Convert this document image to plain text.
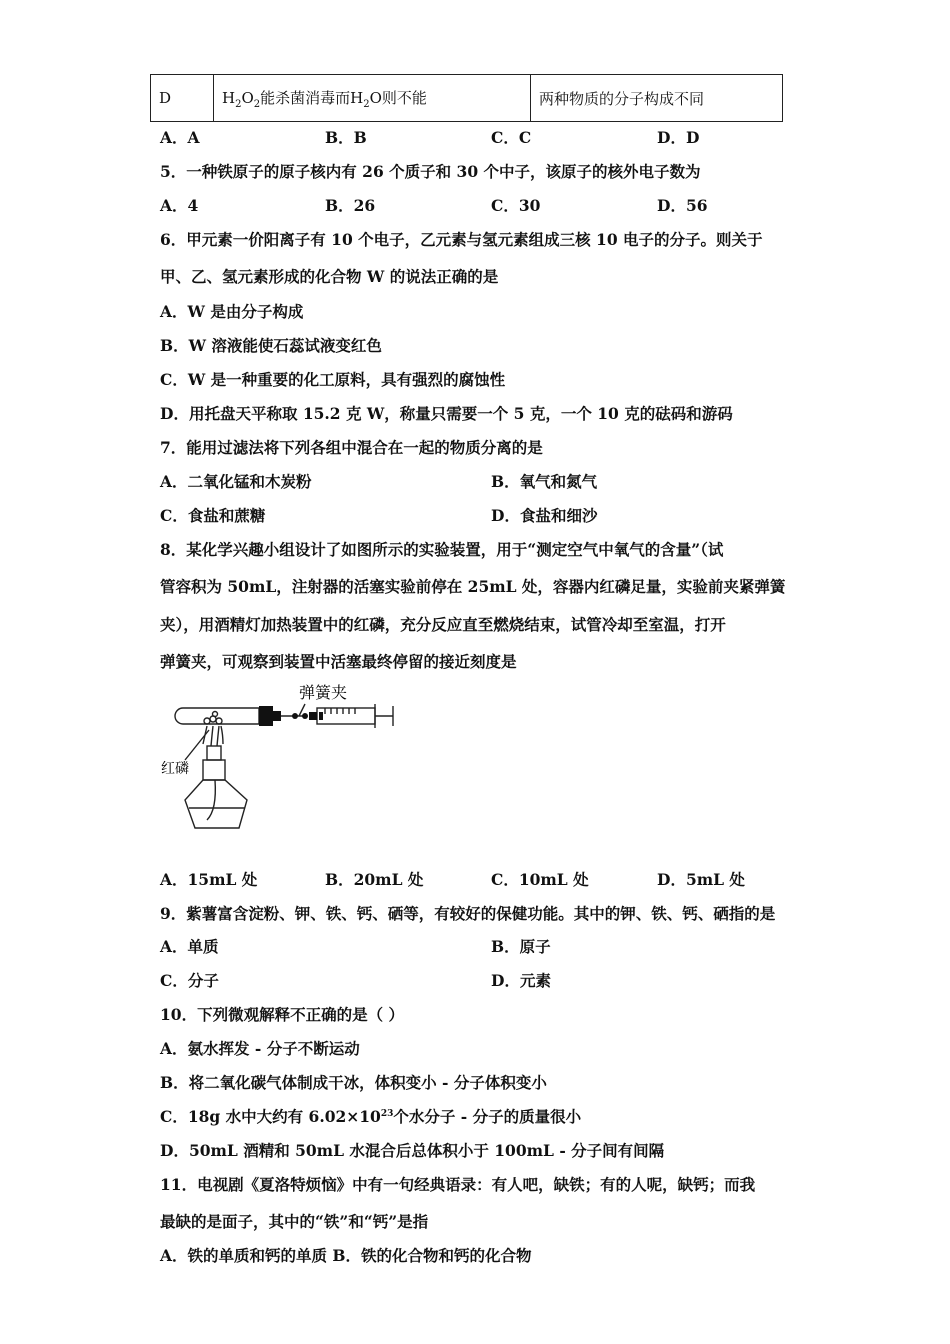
D	$H_2O_2$能杀菌消毒而$H_2O$则不能	两种物质的分子构成不同
A．A	B．B	C．C	D．D
5．一种铁原子的原子核内有 26 个质子和 30 个中子，该原子的核外电子数为
A．4	B．26	C．30	D．56
6．甲元素一价阳离子有 10 个电子，乙元素与氢元素组成三核 10 电子的分子。则关于
甲、乙、氢元素形成的化合物 W 的说法正确的是
A．W 是由分子构成
B．W 溶液能使石蕊试液变红色
C．W 是一种重要的化工原料，具有强烈的腐蚀性
D．用托盘天平称取 15.2 克 W，称量只需要一个 5 克，一个 10 克的砝码和游码
7．能用过滤法将下列各组中混合在一起的物质分离的是
A．二氧化锰和木炭粉	B．氧气和氮气
C．食盐和蔗糖	D．食盐和细沙
8．某化学兴趣小组设计了如图所示的实验装置，用于“测定空气中氧气的含量”（试
管容积为 50mL，注射器的活塞实验前停在 25mL 处，容器内红磷足量，实验前夹紧弹簧
夹），用酒精灯加热装置中的红磷，充分反应直至燃烧结束，试管冷却至室温，打开
弹簧夹，可观察到装置中活塞最终停留的接近刻度是
弹簧夹
红磷
A．15mL 处	B．20mL 处	C．10mL 处	D．5mL 处
9．紫薯富含淀粉、钾、铁、钙、硒等，有较好的保健功能。其中的钾、铁、钙、硒指的是
A．单质	B．原子
C．分子	D．元素
10．下列微观解释不正确的是（ ）
A．氨水挥发 - 分子不断运动
B．将二氧化碳气体制成干冰，体积变小 - 分子体积变小
C．18g 水中大约有 $6.02\times 10^{23}$个水分子 - 分子的质量很小
D．50mL 酒精和 50mL 水混合后总体积小于 100mL - 分子间有间隔
11．电视剧《夏洛特烦恼》中有一句经典语录：有人吧，缺铁；有的人呢，缺钙；而我
最缺的是面子，其中的“铁”和“钙”是指
A．铁的单质和钙的单质 B．铁的化合物和钙的化合物
